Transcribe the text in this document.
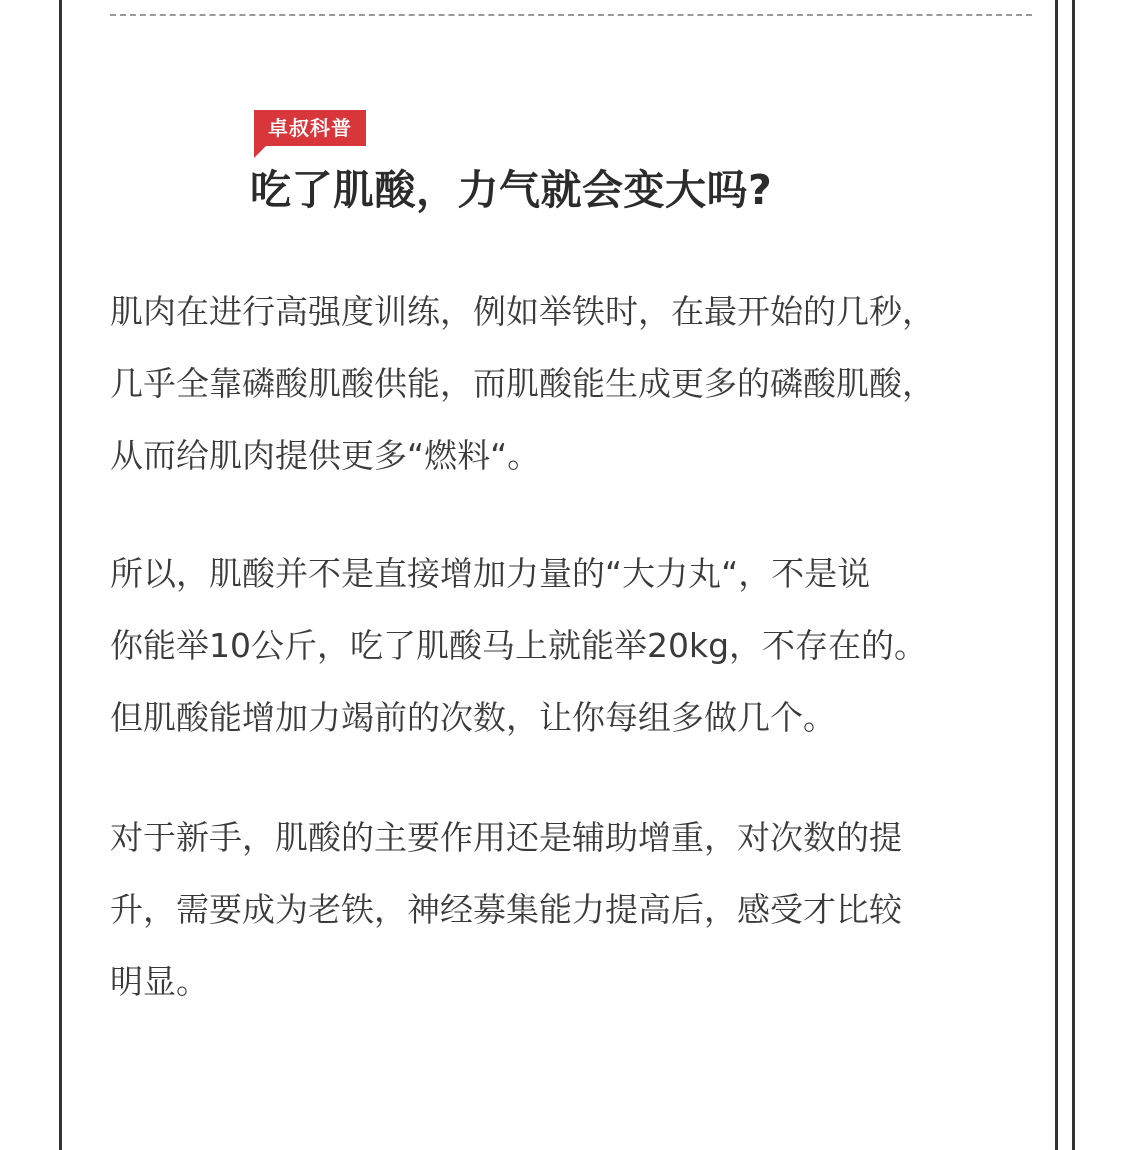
卓叔科普
吃了肌酸，力气就会变大吗?
肌肉在进行高强度训练，例如举铁时，在最开始的几秒，
几乎全靠磷酸肌酸供能，而肌酸能生成更多的磷酸肌酸，
从而给肌肉提供更多“燃料“。
所以，肌酸并不是直接增加力量的“大力丸“，不是说
你能举10公斤，吃了肌酸马上就能举20kg，不存在的。
但肌酸能增加力竭前的次数，让你每组多做几个。
对于新手，肌酸的主要作用还是辅助增重，对次数的提
升，需要成为老铁，神经募集能力提高后，感受才比较
明显。
